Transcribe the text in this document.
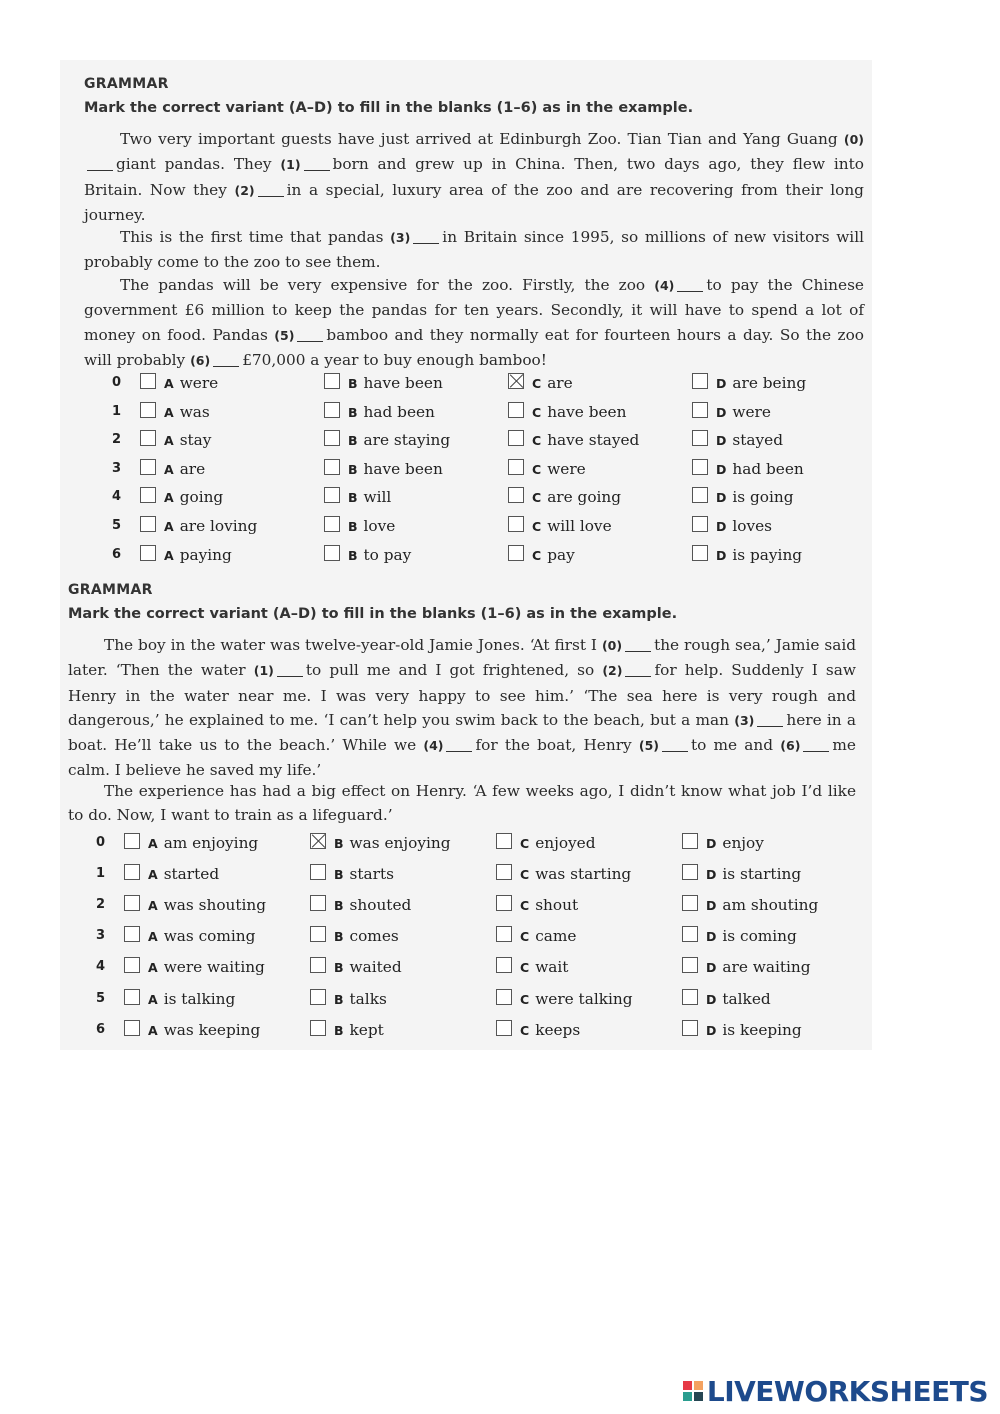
GRAMMAR
Mark the correct variant (A–D) to fill in the blanks (1–6) as in the example.
Two very important guests have just arrived at Edinburgh Zoo. Tian Tian and Yang Guang (0)giant pandas. They (1) born and grew up in China. Then, two days ago, they flew into Britain. Now they (2) in a special, luxury area of the zoo and are recovering from their long journey.
This is the first time that pandas (3) in Britain since 1995, so millions of new visitors will probably come to the zoo to see them.
The pandas will be very expensive for the zoo. Firstly, the zoo (4) to pay the Chinese government £6 million to keep the pandas for ten years. Secondly, it will have to spend a lot of money on food. Pandas (5) bamboo and they normally eat for fourteen hours a day. So the zoo will probably (6) £70,000 a year to buy enough bamboo!
0	A were	B have been	C are	D are being
1	A was	B had been	C have been	D were
2	A stay	B are staying	C have stayed	D stayed
3	A are	B have been	C were	D had been
4	A going	B will	C are going	D is going
5	A are loving	B love	C will love	D loves
6	A paying	B to pay	C pay	D is paying
GRAMMAR
Mark the correct variant (A–D) to fill in the blanks (1–6) as in the example.
The boy in the water was twelve-year-old Jamie Jones. ‘At first I (0) the rough sea,’ Jamie said later. ‘Then the water (1) to pull me and I got frightened, so (2) for help. Suddenly I saw Henry in the water near me. I was very happy to see him.’ ‘The sea here is very rough and dangerous,’ he explained to me. ‘I can’t help you swim back to the beach, but a man (3) here in a boat. He’ll take us to the beach.’ While we (4) for the boat, Henry (5) to me and (6) me calm. I believe he saved my life.’
The experience has had a big effect on Henry. ‘A few weeks ago, I didn’t know what job I’d like to do. Now, I want to train as a lifeguard.’
0	A am enjoying	B was enjoying	C enjoyed	D enjoy
1	A started	B starts	C was starting	D is starting
2	A was shouting	B shouted	C shout	D am shouting
3	A was coming	B comes	C came	D is coming
4	A were waiting	B waited	C wait	D are waiting
5	A is talking	B talks	C were talking	D talked
6	A was keeping	B kept	C keeps	D is keeping
LIVEWORKSHEETS
